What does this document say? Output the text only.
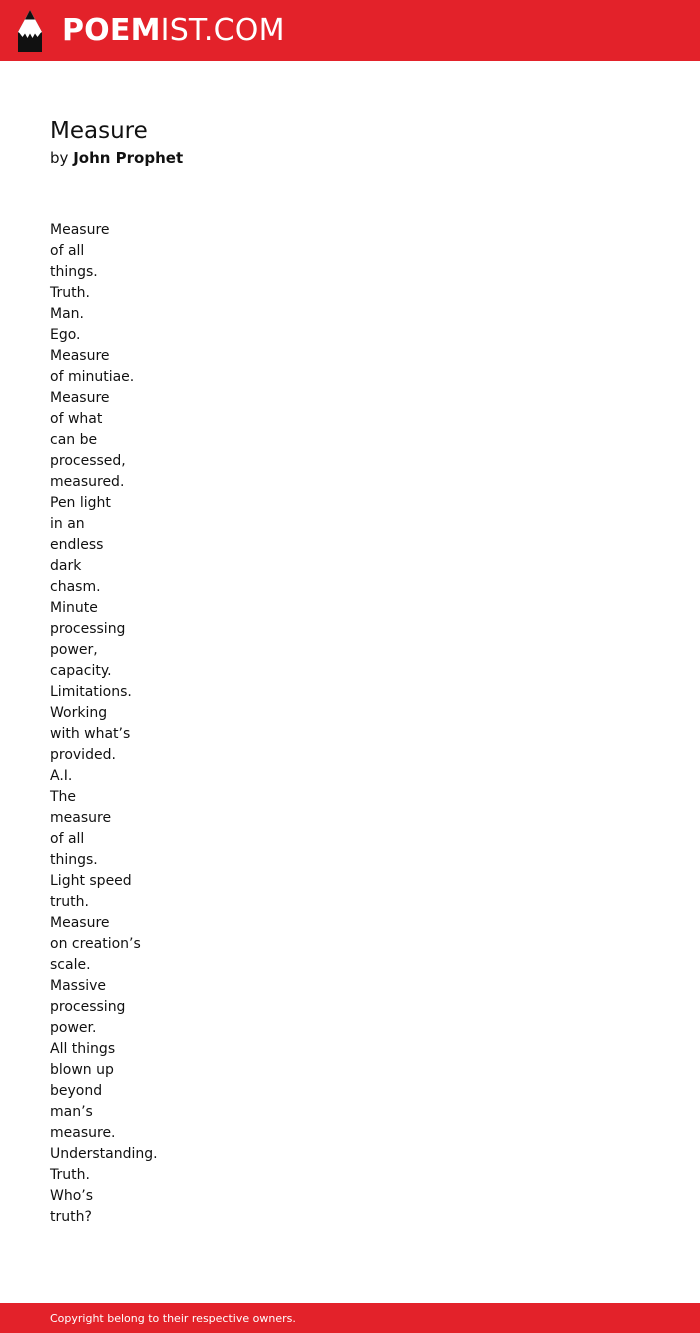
POEMIST.COM
Measure
by John Prophet
Measure
of all
things.
Truth.
Man.
Ego.
Measure
of minutiae.
Measure
of what
can be
processed,
measured.
Pen light
in an
endless
dark
chasm.
Minute
processing
power,
capacity.
Limitations.
Working
with what’s
provided.
A.I.
The
measure
of all
things.
Light speed
truth.
Measure
on creation’s
scale.
Massive
processing
power.
All things
blown up
beyond
man’s
measure.
Understanding.
Truth.
Who’s
truth?
Copyright belong to their respective owners.
